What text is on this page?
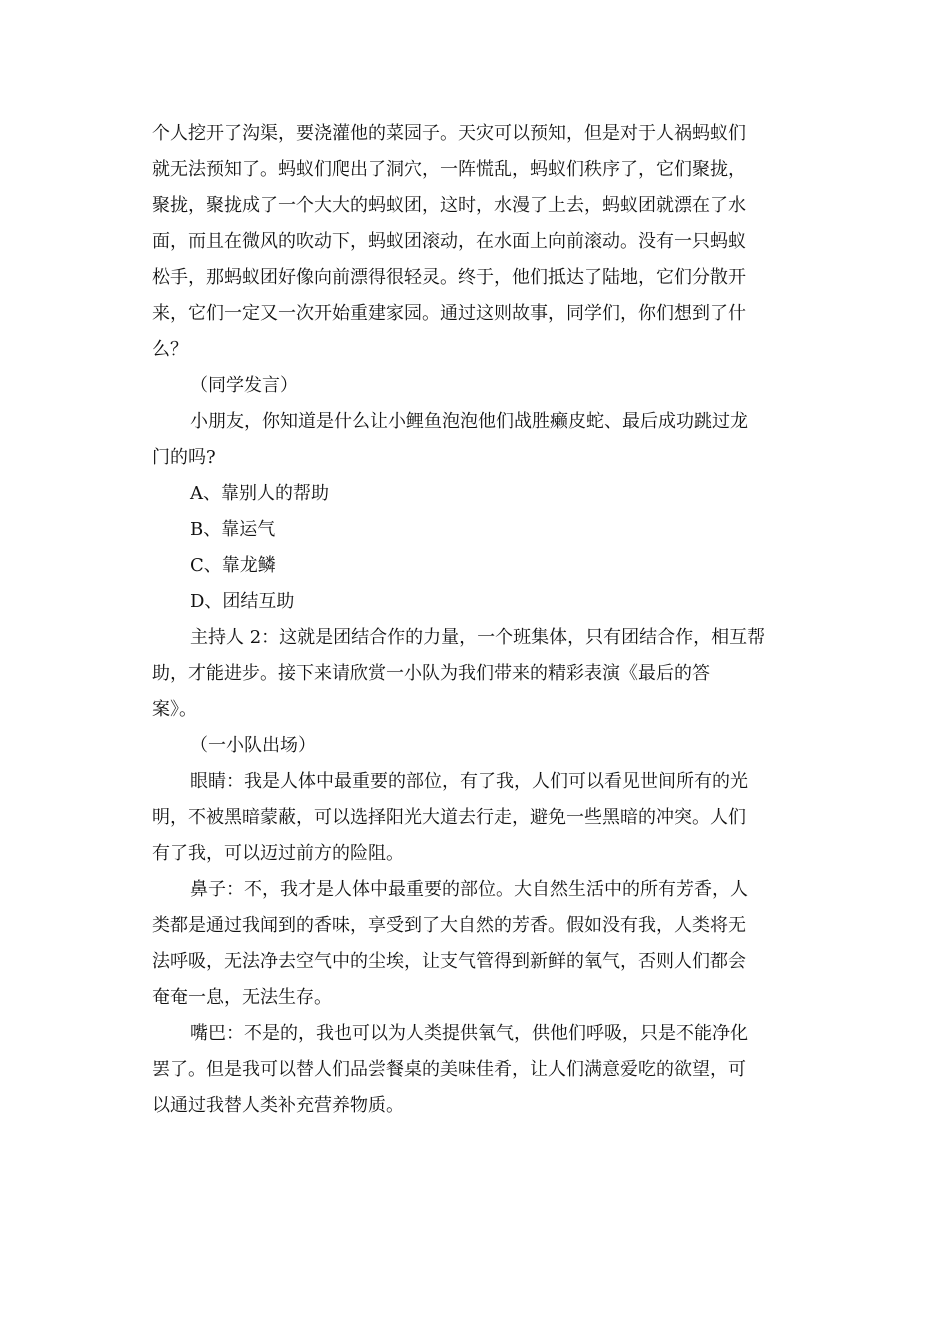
个人挖开了沟渠，要浇灌他的菜园子。天灾可以预知，但是对于人祸蚂蚁们
就无法预知了。蚂蚁们爬出了洞穴，一阵慌乱，蚂蚁们秩序了，它们聚拢，
聚拢，聚拢成了一个大大的蚂蚁团，这时，水漫了上去，蚂蚁团就漂在了水
面，而且在微风的吹动下，蚂蚁团滚动，在水面上向前滚动。没有一只蚂蚁
松手，那蚂蚁团好像向前漂得很轻灵。终于，他们抵达了陆地，它们分散开
来，它们一定又一次开始重建家园。通过这则故事，同学们，你们想到了什
么？
（同学发言）
小朋友，你知道是什么让小鲤鱼泡泡他们战胜癞皮蛇、最后成功跳过龙
门的吗?
A、靠别人的帮助
B、靠运气
C、靠龙鳞
D、团结互助
主持人 2：这就是团结合作的力量，一个班集体，只有团结合作，相互帮
助，才能进步。接下来请欣赏一小队为我们带来的精彩表演《最后的答
案》。
（一小队出场）
眼睛：我是人体中最重要的部位，有了我，人们可以看见世间所有的光
明，不被黑暗蒙蔽，可以选择阳光大道去行走，避免一些黑暗的冲突。人们
有了我，可以迈过前方的险阻。
鼻子：不，我才是人体中最重要的部位。大自然生活中的所有芳香，人
类都是通过我闻到的香味，享受到了大自然的芳香。假如没有我，人类将无
法呼吸，无法净去空气中的尘埃，让支气管得到新鲜的氧气，否则人们都会
奄奄一息，无法生存。
嘴巴：不是的，我也可以为人类提供氧气，供他们呼吸，只是不能净化
罢了。但是我可以替人们品尝餐桌的美味佳肴，让人们满意爱吃的欲望，可
以通过我替人类补充营养物质。
